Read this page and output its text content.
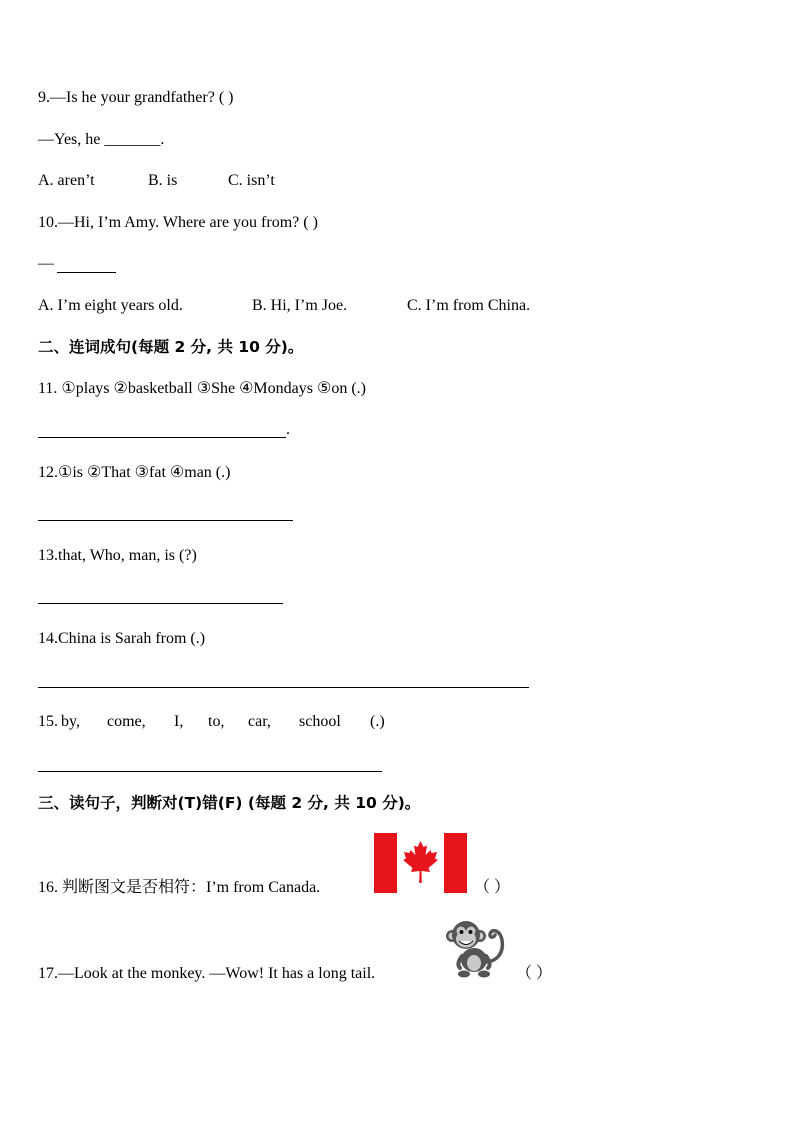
9.—Is he your grandfather? ( )
—Yes, he _______.
A. aren’t	B. is	C. isn’t
10.—Hi, I’m Amy. Where are you from? ( )
—
A. I’m eight years old.	B. Hi, I’m Joe.	C. I’m from China.
二、连词成句(每题 2 分, 共 10 分)。
11. ①plays ②basketball ③She ④Mondays ⑤on (.)
.
12.①is ②That ③fat ④man (.)
13.that, Who, man, is (?)
14.China is Sarah from (.)
15. by, come, I, to, car, school (.)
三、读句子，判断对(T)错(F) (每题 2 分, 共 10 分)。
16. 判断图文是否相符：I’m from Canada.	（ ）
17.—Look at the monkey. —Wow! It has a long tail.	（ ）
